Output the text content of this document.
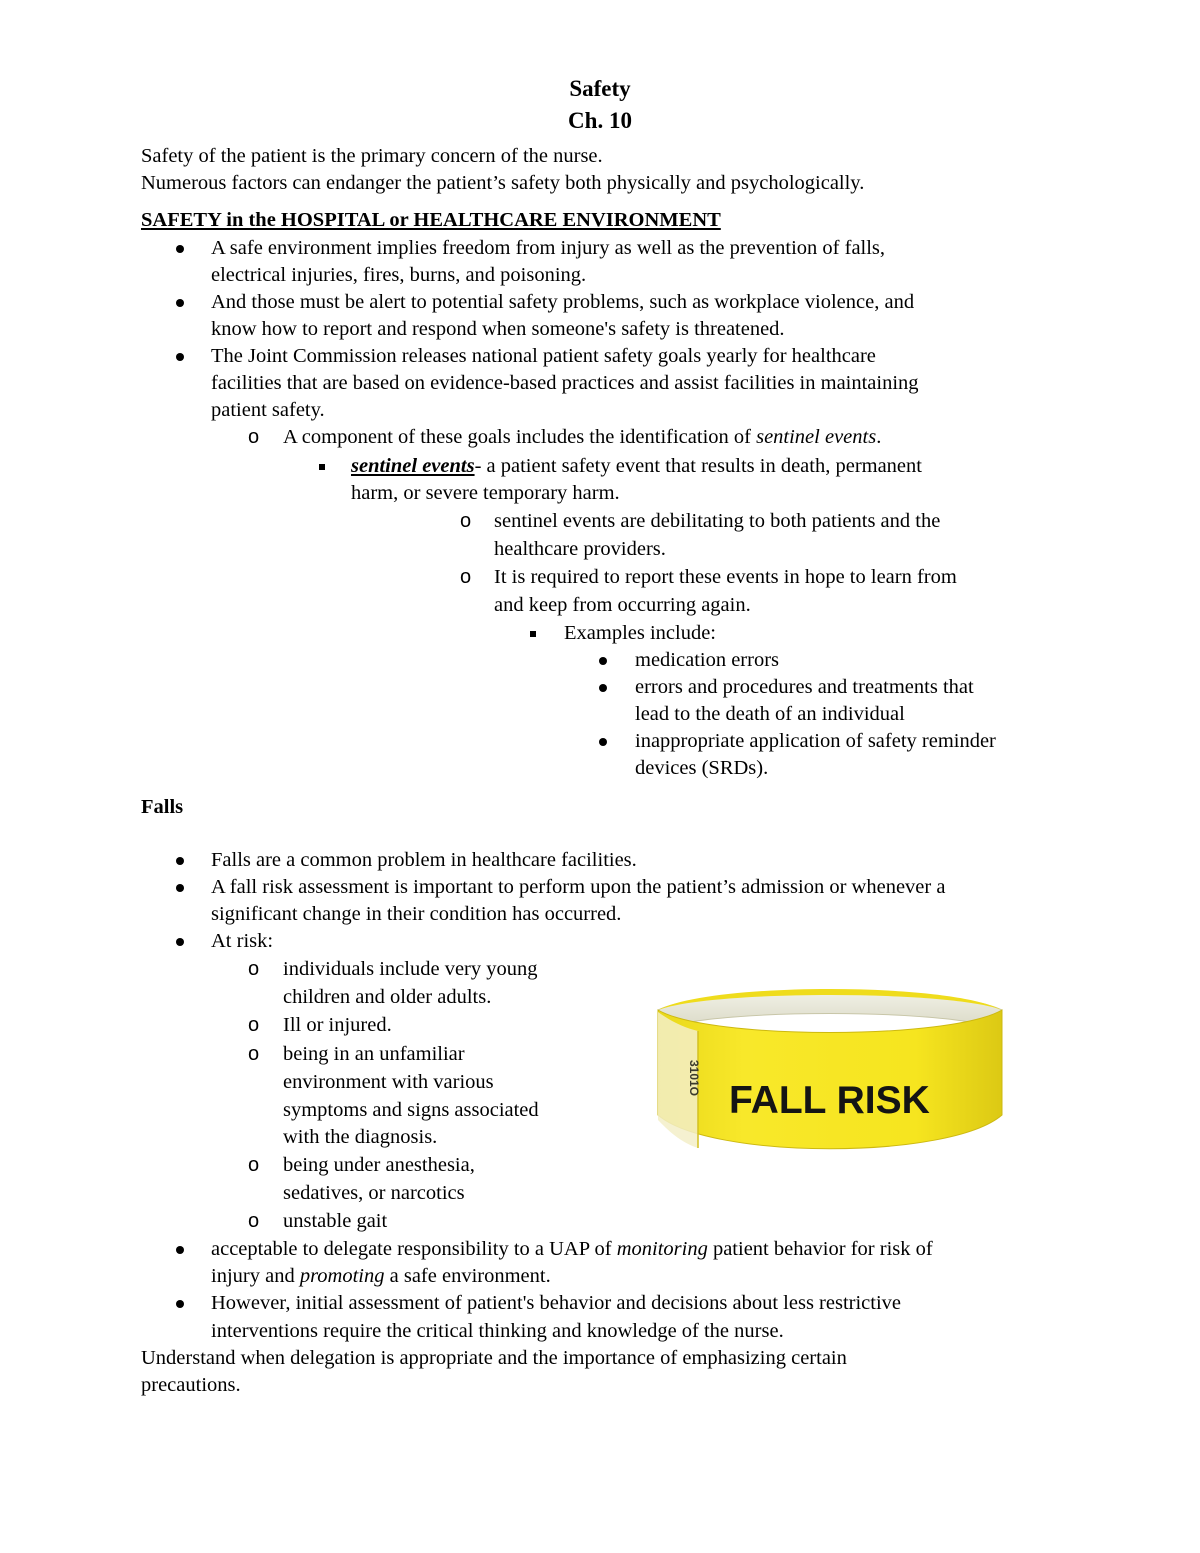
Safety
Ch. 10
Safety of the patient is the primary concern of the nurse.
Numerous factors can endanger the patient’s safety both physically and psychologically.
SAFETY in the HOSPITAL or HEALTHCARE ENVIRONMENT
A safe environment implies freedom from injury as well as the prevention of falls,
electrical injuries, fires, burns, and poisoning.
And those must be alert to potential safety problems, such as workplace violence, and
know how to report and respond when someone's safety is threatened.
The Joint Commission releases national patient safety goals yearly for healthcare
facilities that are based on evidence-based practices and assist facilities in maintaining
patient safety.
o A component of these goals includes the identification of sentinel events.
sentinel events- a patient safety event that results in death, permanent
harm, or severe temporary harm.
o sentinel events are debilitating to both patients and the
healthcare providers.
o It is required to report these events in hope to learn from
and keep from occurring again.
Examples include:
medication errors
errors and procedures and treatments that
lead to the death of an individual
inappropriate application of safety reminder
devices (SRDs).
Falls
Falls are a common problem in healthcare facilities.
A fall risk assessment is important to perform upon the patient’s admission or whenever a
significant change in their condition has occurred.
At risk:
o individuals include very young
children and older adults.
o Ill or injured.
o being in an unfamiliar
environment with various
symptoms and signs associated
with the diagnosis.
o being under anesthesia,
sedatives, or narcotics
o unstable gait
acceptable to delegate responsibility to a UAP of monitoring patient behavior for risk of
injury and promoting a safe environment.
However, initial assessment of patient's behavior and decisions about less restrictive
interventions require the critical thinking and knowledge of the nurse.
Understand when delegation is appropriate and the importance of emphasizing certain
precautions.
3101O
FALL RISK
